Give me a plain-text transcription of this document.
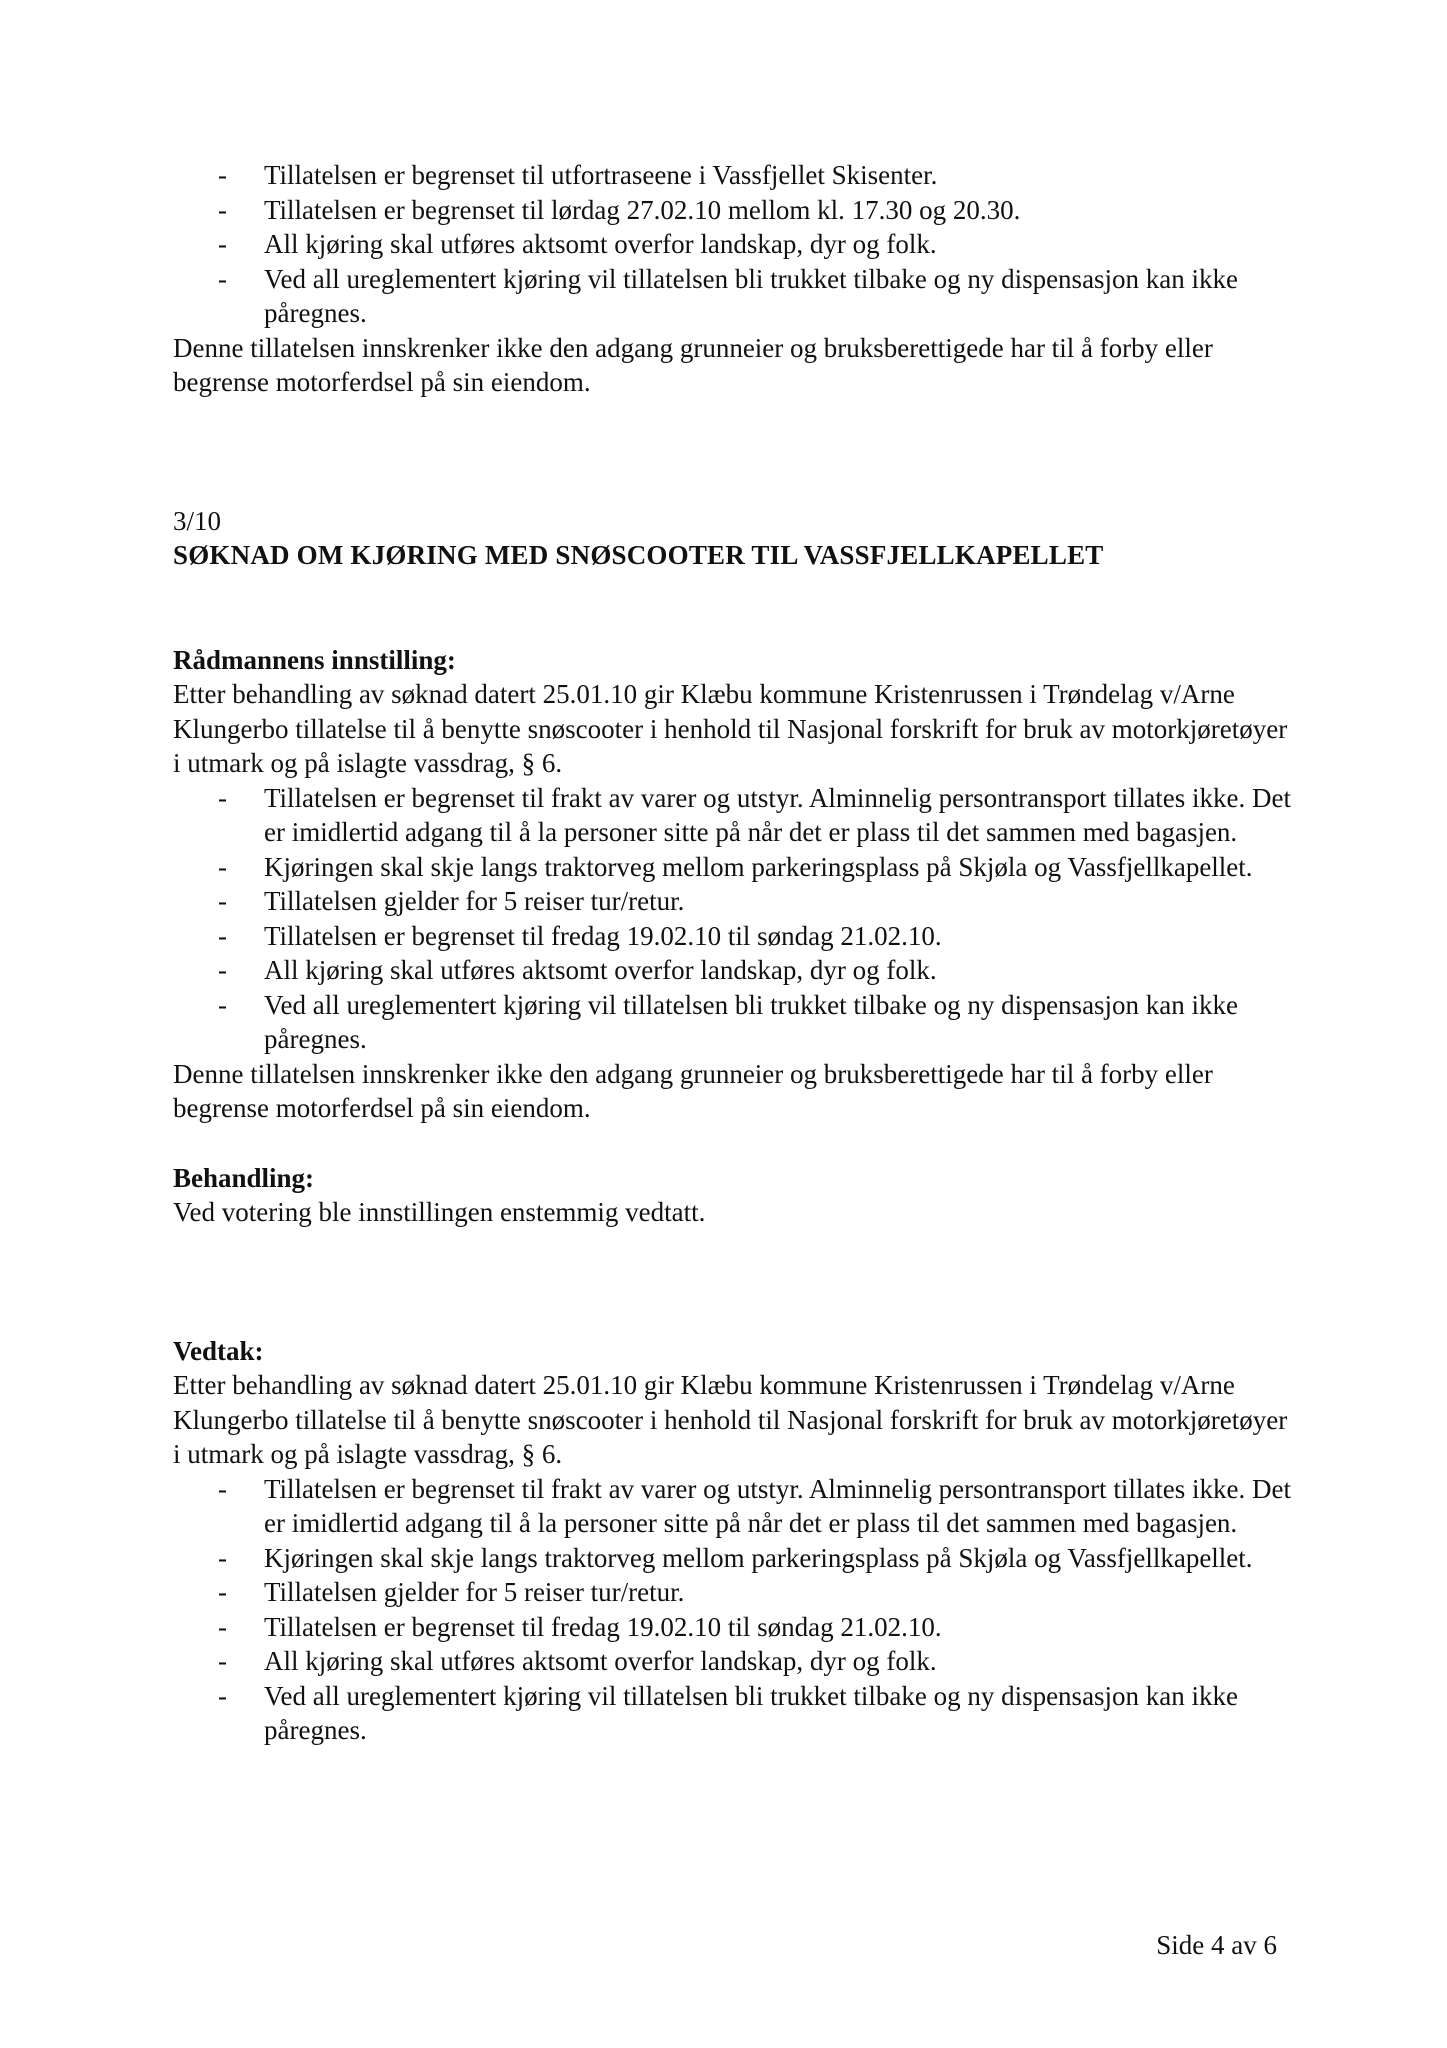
- Tillatelsen er begrenset til utfortraseene i Vassfjellet Skisenter.
- Tillatelsen er begrenset til lørdag 27.02.10 mellom kl. 17.30 og 20.30.
- All kjøring skal utføres aktsomt overfor landskap, dyr og folk.
- Ved all ureglementert kjøring vil tillatelsen bli trukket tilbake og ny dispensasjon kan ikke påregnes.

Denne tillatelsen innskrenker ikke den adgang grunneier og bruksberettigede har til å forby eller begrense motorferdsel på sin eiendom.

3/10

SØKNAD OM KJØRING MED SNØSCOOTER TIL VASSFJELLKAPELLET

Rådmannens innstilling:

Etter behandling av søknad datert 25.01.10 gir Klæbu kommune Kristenrussen i Trøndelag v/Arne Klungerbo tillatelse til å benytte snøscooter i henhold til Nasjonal forskrift for bruk av motorkjøretøyer i utmark og på islagte vassdrag, § 6.

- Tillatelsen er begrenset til frakt av varer og utstyr. Alminnelig persontransport tillates ikke. Det er imidlertid adgang til å la personer sitte på når det er plass til det sammen med bagasjen.
- Kjøringen skal skje langs traktorveg mellom parkeringsplass på Skjøla og Vassfjellkapellet.
- Tillatelsen gjelder for 5 reiser tur/retur.
- Tillatelsen er begrenset til fredag 19.02.10 til søndag 21.02.10.
- All kjøring skal utføres aktsomt overfor landskap, dyr og folk.
- Ved all ureglementert kjøring vil tillatelsen bli trukket tilbake og ny dispensasjon kan ikke påregnes.

Denne tillatelsen innskrenker ikke den adgang grunneier og bruksberettigede har til å forby eller begrense motorferdsel på sin eiendom.

Behandling:

Ved votering ble innstillingen enstemmig vedtatt.

Vedtak:

Etter behandling av søknad datert 25.01.10 gir Klæbu kommune Kristenrussen i Trøndelag v/Arne Klungerbo tillatelse til å benytte snøscooter i henhold til Nasjonal forskrift for bruk av motorkjøretøyer i utmark og på islagte vassdrag, § 6.

- Tillatelsen er begrenset til frakt av varer og utstyr. Alminnelig persontransport tillates ikke. Det er imidlertid adgang til å la personer sitte på når det er plass til det sammen med bagasjen.
- Kjøringen skal skje langs traktorveg mellom parkeringsplass på Skjøla og Vassfjellkapellet.
- Tillatelsen gjelder for 5 reiser tur/retur.
- Tillatelsen er begrenset til fredag 19.02.10 til søndag 21.02.10.
- All kjøring skal utføres aktsomt overfor landskap, dyr og folk.
- Ved all ureglementert kjøring vil tillatelsen bli trukket tilbake og ny dispensasjon kan ikke påregnes.
Side 4 av 6
